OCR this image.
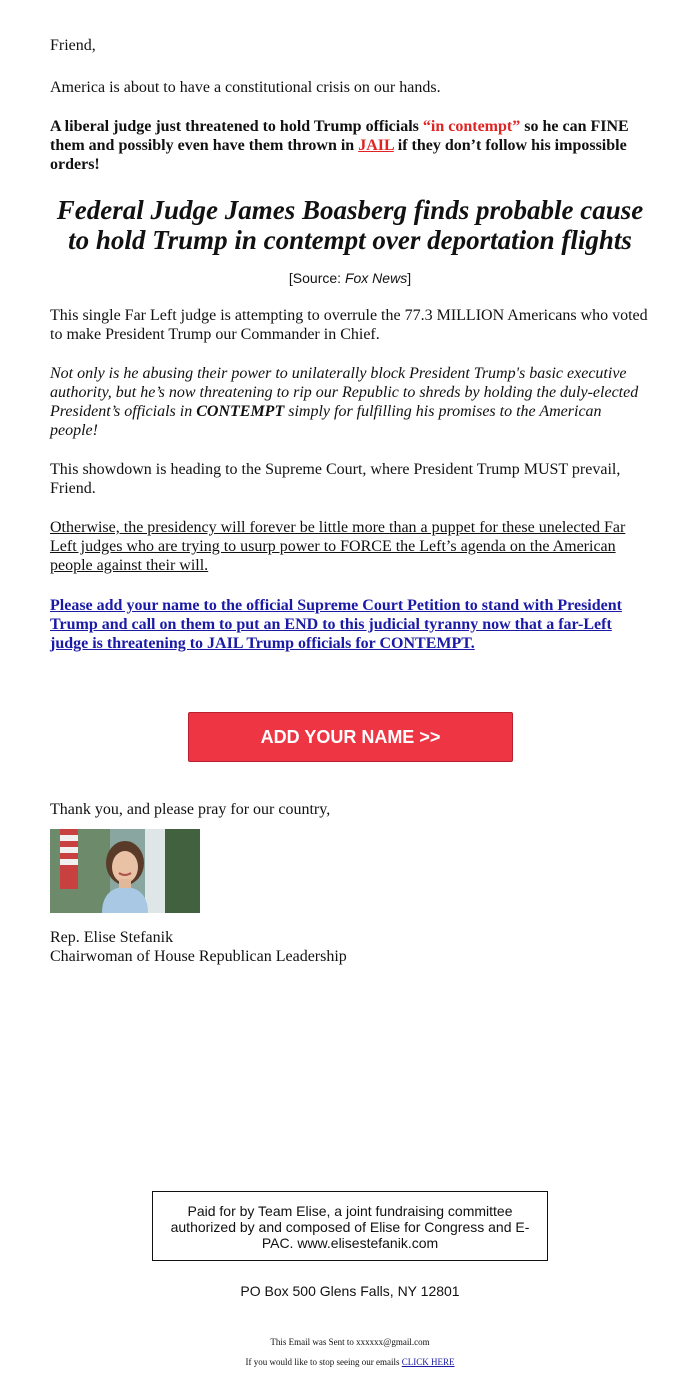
Friend,

America is about to have a constitutional crisis on our hands.

A liberal judge just threatened to hold Trump officials “in contempt” so he can FINE them and possibly even have them thrown in JAIL if they don’t follow his impossible orders!

Federal Judge James Boasberg finds probable cause to hold Trump in contempt over deportation flights

[Source: Fox News]

This single Far Left judge is attempting to overrule the 77.3 MILLION Americans who voted to make President Trump our Commander in Chief.

Not only is he abusing their power to unilaterally block President Trump's basic executive authority, but he’s now threatening to rip our Republic to shreds by holding the duly-elected President’s officials in CONTEMPT simply for fulfilling his promises to the American people!

This showdown is heading to the Supreme Court, where President Trump MUST prevail, Friend.

Otherwise, the presidency will forever be little more than a puppet for these unelected Far Left judges who are trying to usurp power to FORCE the Left’s agenda on the American people against their will.

Please add your name to the official Supreme Court Petition to stand with President Trump and call on them to put an END to this judicial tyranny now that a far-Left judge is threatening to JAIL Trump officials for CONTEMPT.

ADD YOUR NAME >>

Thank you, and please pray for our country,

Rep. Elise Stefanik

Chairwoman of House Republican Leadership

Paid for by Team Elise, a joint fundraising committee authorized by and composed of Elise for Congress and E-PAC. www.elisestefanik.com
PO Box 500 Glens Falls, NY 12801
This Email was Sent to xxxxxx@gmail.com
If you would like to stop seeing our emails CLICK HERE
